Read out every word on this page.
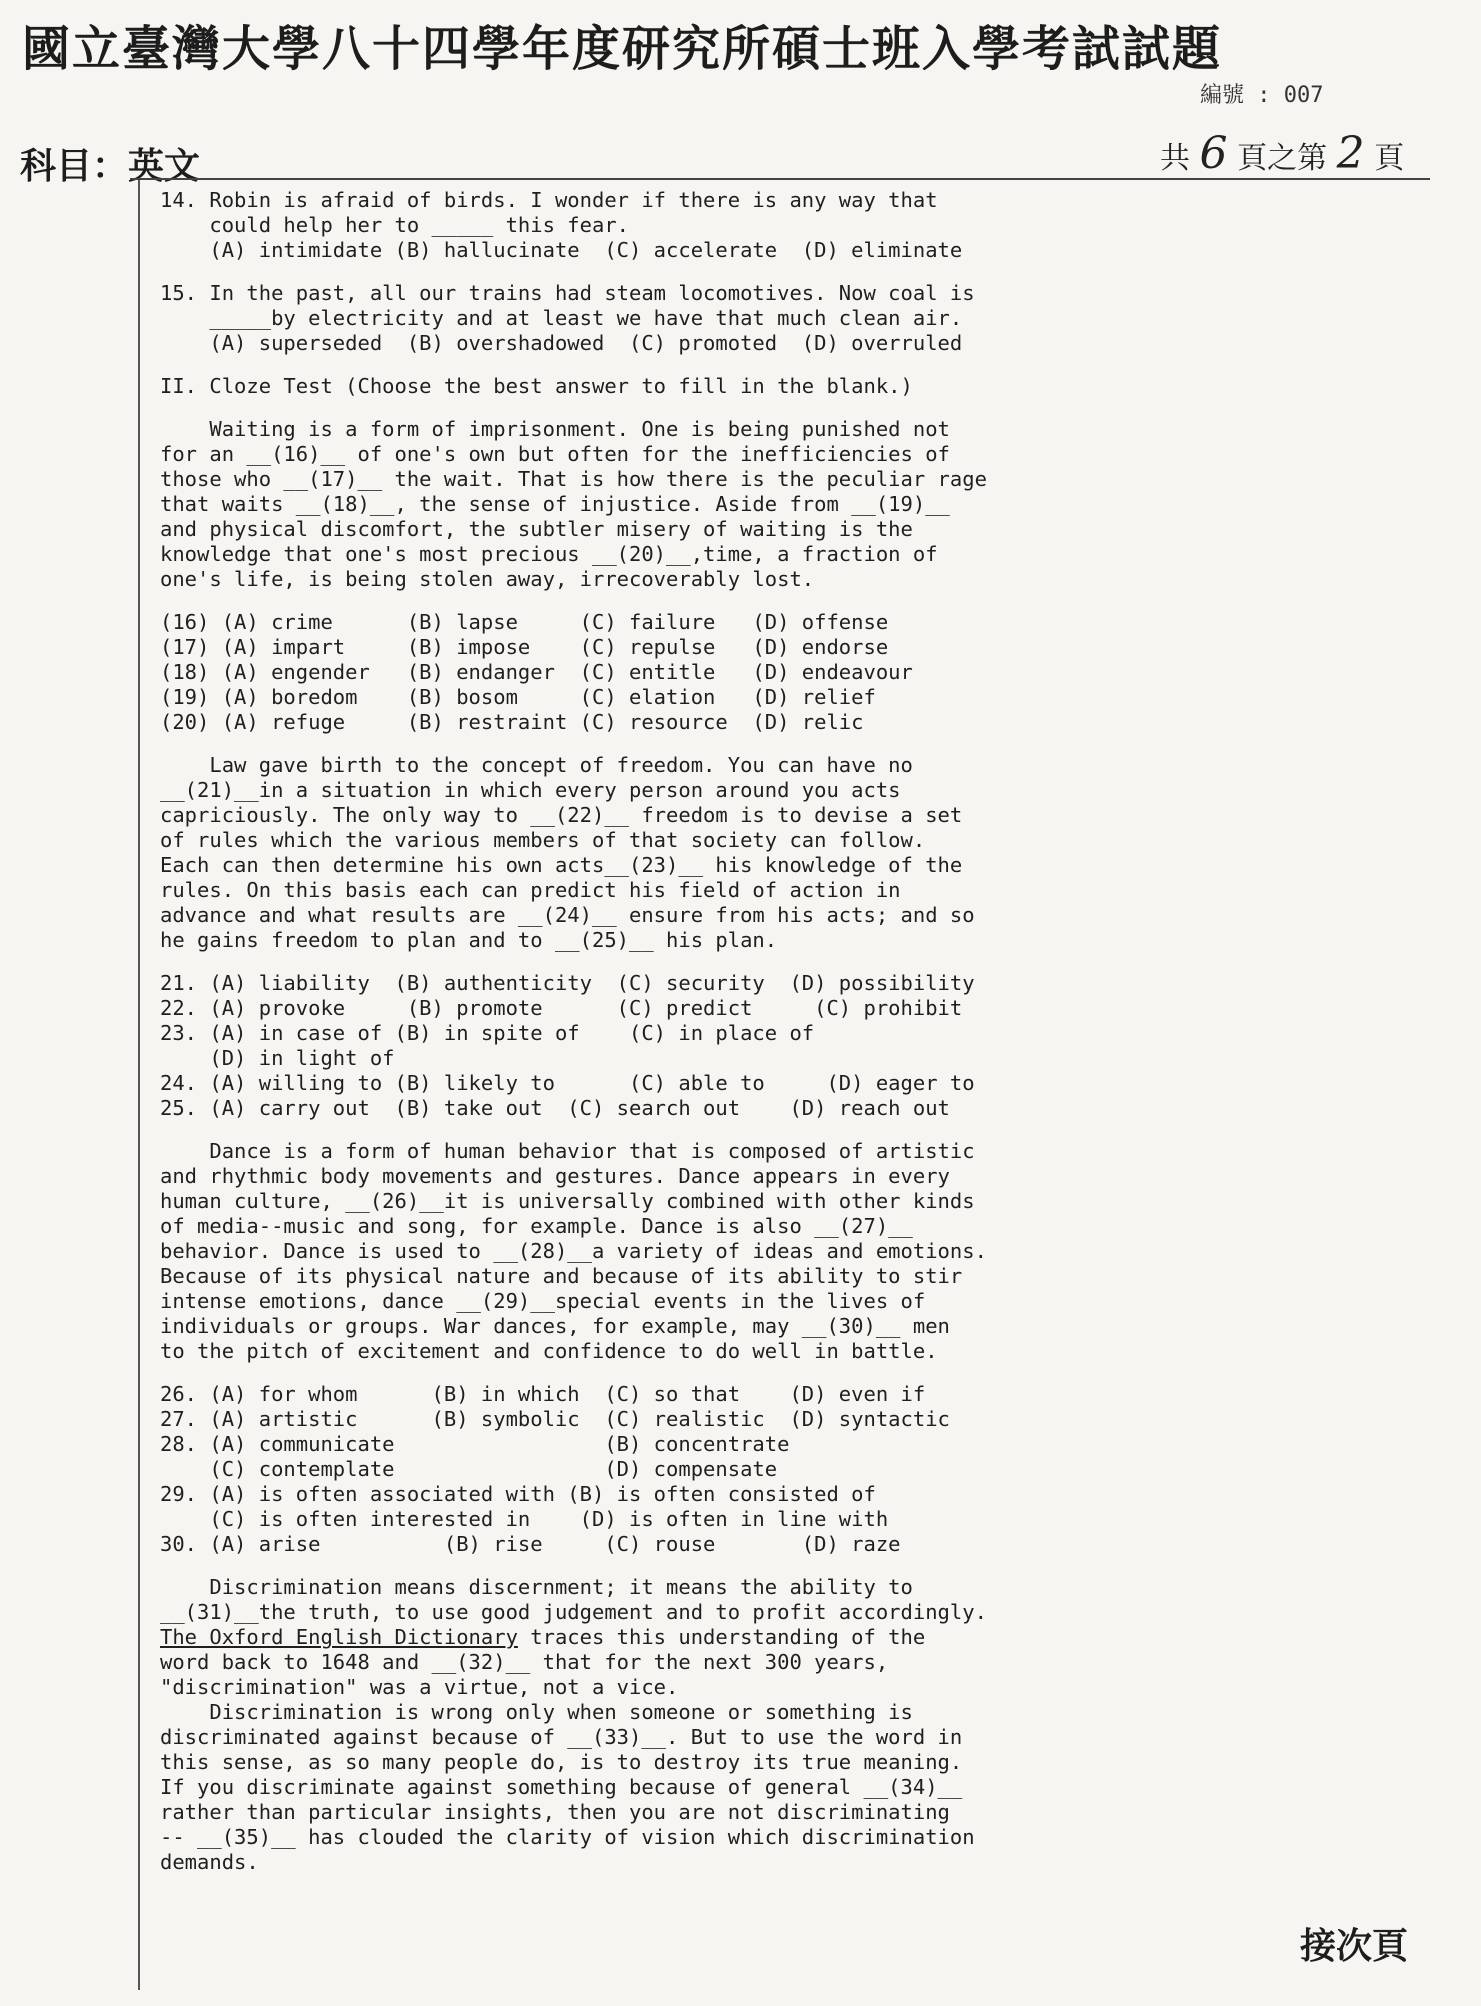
國立臺灣大學八十四學年度研究所碩士班入學考試試題
編號 : 007
科目：英文	共 6 頁之第 2 頁
14. Robin is afraid of birds. I wonder if there is any way that
could help her to _____ this fear.
(A) intimidate (B) hallucinate  (C) accelerate  (D) eliminate
15. In the past, all our trains had steam locomotives. Now coal is
_____by electricity and at least we have that much clean air.
(A) superseded  (B) overshadowed  (C) promoted  (D) overruled
II. Cloze Test (Choose the best answer to fill in the blank.)
Waiting is a form of imprisonment. One is being punished not
for an __(16)__ of one's own but often for the inefficiencies of
those who __(17)__ the wait. That is how there is the peculiar rage
that waits __(18)__, the sense of injustice. Aside from __(19)__
and physical discomfort, the subtler misery of waiting is the
knowledge that one's most precious __(20)__,time, a fraction of
one's life, is being stolen away, irrecoverably lost.
(16) (A) crime      (B) lapse     (C) failure   (D) offense
(17) (A) impart     (B) impose    (C) repulse   (D) endorse
(18) (A) engender   (B) endanger  (C) entitle   (D) endeavour
(19) (A) boredom    (B) bosom     (C) elation   (D) relief
(20) (A) refuge     (B) restraint (C) resource  (D) relic
Law gave birth to the concept of freedom. You can have no
__(21)__in a situation in which every person around you acts
capriciously. The only way to __(22)__ freedom is to devise a set
of rules which the various members of that society can follow.
Each can then determine his own acts__(23)__ his knowledge of the
rules. On this basis each can predict his field of action in
advance and what results are __(24)__ ensure from his acts; and so
he gains freedom to plan and to __(25)__ his plan.
21. (A) liability  (B) authenticity  (C) security  (D) possibility
22. (A) provoke     (B) promote      (C) predict     (C) prohibit
23. (A) in case of (B) in spite of    (C) in place of
(D) in light of
24. (A) willing to (B) likely to      (C) able to     (D) eager to
25. (A) carry out  (B) take out  (C) search out    (D) reach out
Dance is a form of human behavior that is composed of artistic
and rhythmic body movements and gestures. Dance appears in every
human culture, __(26)__it is universally combined with other kinds
of media--music and song, for example. Dance is also __(27)__
behavior. Dance is used to __(28)__a variety of ideas and emotions.
Because of its physical nature and because of its ability to stir
intense emotions, dance __(29)__special events in the lives of
individuals or groups. War dances, for example, may __(30)__ men
to the pitch of excitement and confidence to do well in battle.
26. (A) for whom      (B) in which  (C) so that    (D) even if
27. (A) artistic      (B) symbolic  (C) realistic  (D) syntactic
28. (A) communicate                 (B) concentrate
(C) contemplate                 (D) compensate
29. (A) is often associated with (B) is often consisted of
(C) is often interested in    (D) is often in line with
30. (A) arise          (B) rise     (C) rouse       (D) raze
Discrimination means discernment; it means the ability to
__(31)__the truth, to use good judgement and to profit accordingly.
The Oxford English Dictionary traces this understanding of the
word back to 1648 and __(32)__ that for the next 300 years,
"discrimination" was a virtue, not a vice.
Discrimination is wrong only when someone or something is
discriminated against because of __(33)__. But to use the word in
this sense, as so many people do, is to destroy its true meaning.
If you discriminate against something because of general __(34)__
rather than particular insights, then you are not discriminating
-- __(35)__ has clouded the clarity of vision which discrimination
demands.
接次頁
